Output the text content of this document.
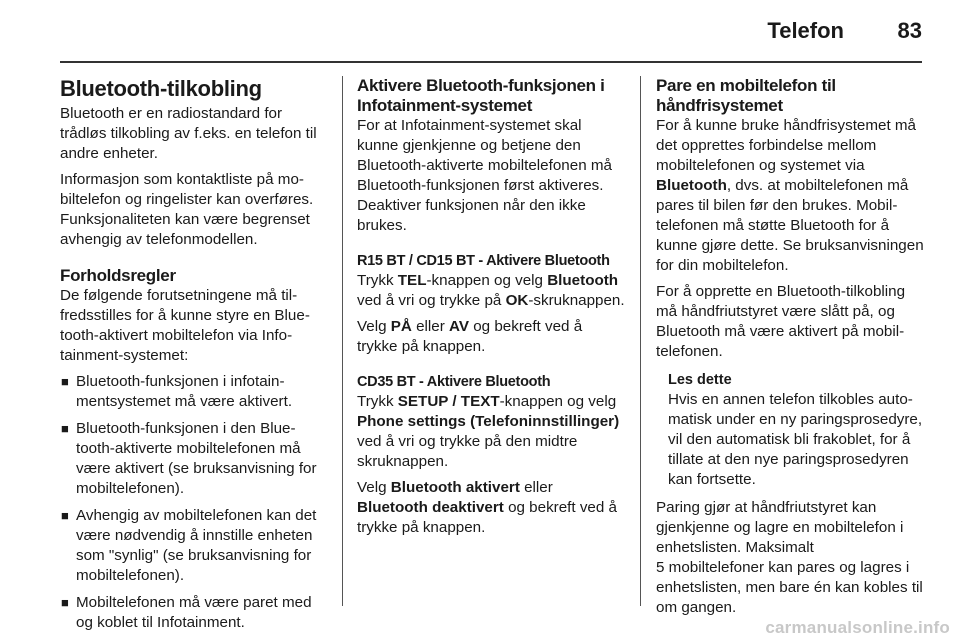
Telefon 83
Bluetooth-tilkobling

Bluetooth er en radiostandard for trådløs tilkobling av f.eks. en telefon til andre enheter.

Informasjon som kontaktliste på mobiltelefon og ringelister kan overføres. Funksjonaliteten kan være begrenset avhengig av telefonmodellen.

Forholdsregler

De følgende forutsetningene må tilfredsstilles for å kunne styre en Bluetooth-aktivert mobiltelefon via Infotainment-systemet:

■ Bluetooth-funksjonen i infotainmentsystemet må være aktivert.
■ Bluetooth-funksjonen i den Bluetooth-aktiverte mobiltelefonen må være aktivert (se bruksanvisning for mobiltelefonen).
■ Avhengig av mobiltelefonen kan det være nødvendig å innstille enheten som "synlig" (se bruksanvisning for mobiltelefonen).
■ Mobiltelefonen må være paret med og koblet til Infotainment.
Aktivere Bluetooth-funksjonen i Infotainment-systemet

For at Infotainment-systemet skal kunne gjenkjenne og betjene den Bluetooth-aktiverte mobiltelefonen må Bluetooth-funksjonen først aktiveres. Deaktiver funksjonen når den ikke brukes.

R15 BT / CD15 BT - Aktivere Bluetooth

Trykk TEL-knappen og velg Bluetooth ved å vri og trykke på OK-skruknappen.

Velg PÅ eller AV og bekreft ved å trykke på knappen.

CD35 BT - Aktivere Bluetooth

Trykk SETUP / TEXT-knappen og velg Phone settings (Telefoninnstillinger) ved å vri og trykke på den midtre skruknappen.

Velg Bluetooth aktivert eller Bluetooth deaktivert og bekreft ved å trykke på knappen.

Pare en mobiltelefon til håndfrisystemet

For å kunne bruke håndfrisystemet må det opprettes forbindelse mellom mobiltelefonen og systemet via Bluetooth, dvs. at mobiltelefonen må pares til bilen før den brukes. Mobiltelefonen må støtte Bluetooth for å kunne gjøre dette. Se bruksanvisningen for din mobiltelefon.

For å opprette en Bluetooth-tilkobling må håndfriutstyret være slått på, og Bluetooth må være aktivert på mobiltelefonen.

Les dette
Hvis en annen telefon tilkobles automatisk under en ny paringsprosedyre, vil den automatisk bli frakoblet, for å tillate at den nye paringsprosedyren kan fortsette.

Paring gjør at håndfriutstyret kan gjenkjenne og lagre en mobiltelefon i enhetslisten. Maksimalt

5 mobiltelefoner kan pares og lagres i enhetslisten, men bare én kan kobles til om gangen.

carmanualsonline.info
